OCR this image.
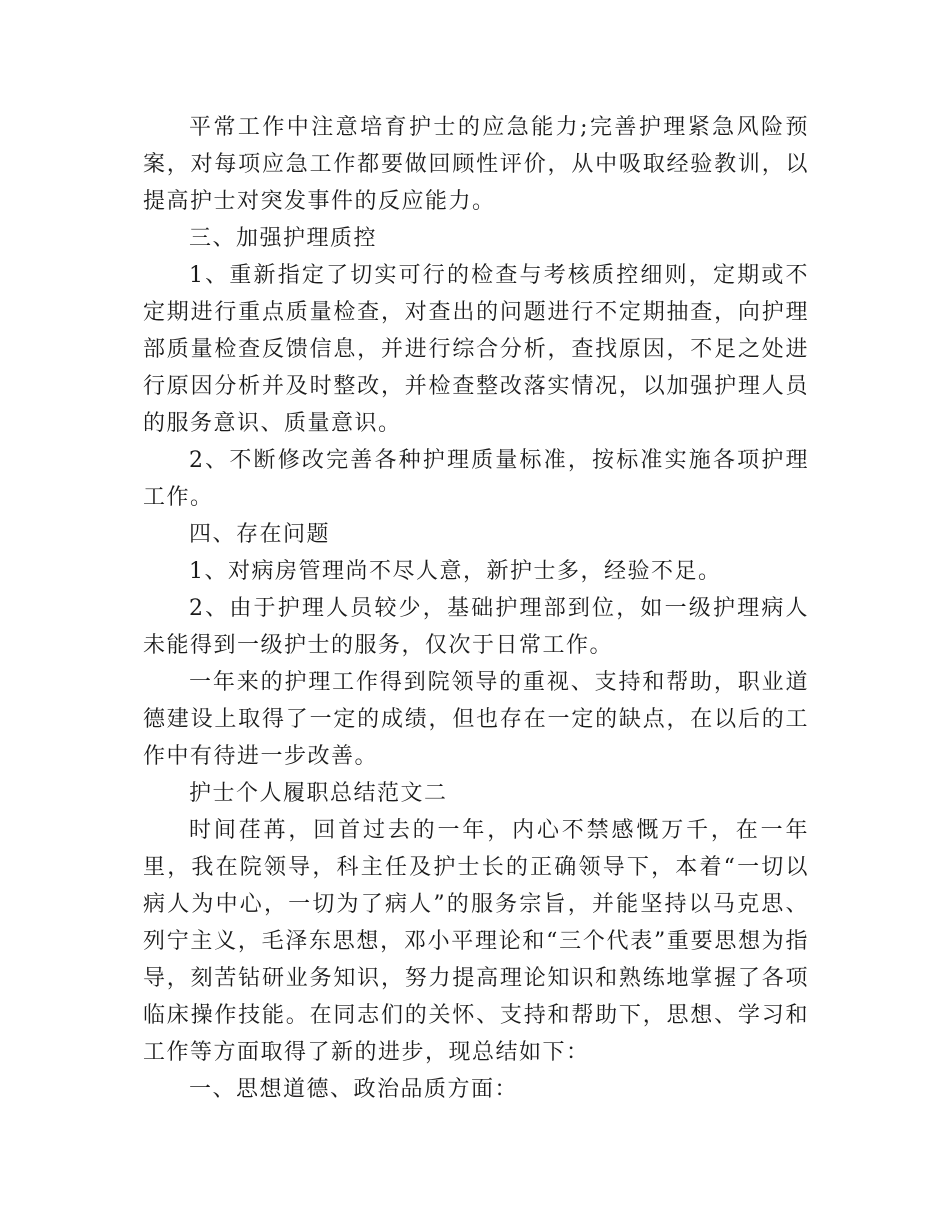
平常工作中注意培育护士的应急能力;完善护理紧急风险预案，对每项应急工作都要做回顾性评价，从中吸取经验教训，以提高护士对突发事件的反应能力。

三、加强护理质控

1、重新指定了切实可行的检查与考核质控细则，定期或不定期进行重点质量检查，对查出的问题进行不定期抽查，向护理部质量检查反馈信息，并进行综合分析，查找原因，不足之处进行原因分析并及时整改，并检查整改落实情况，以加强护理人员的服务意识、质量意识。

2、不断修改完善各种护理质量标准，按标准实施各项护理工作。

四、存在问题

1、对病房管理尚不尽人意，新护士多，经验不足。

2、由于护理人员较少，基础护理部到位，如一级护理病人未能得到一级护士的服务，仅次于日常工作。

一年来的护理工作得到院领导的重视、支持和帮助，职业道德建设上取得了一定的成绩，但也存在一定的缺点，在以后的工作中有待进一步改善。

护士个人履职总结范文二

时间荏苒，回首过去的一年，内心不禁感慨万千，在一年里，我在院领导，科主任及护士长的正确领导下，本着“一切以病人为中心，一切为了病人”的服务宗旨，并能坚持以马克思、列宁主义，毛泽东思想，邓小平理论和“三个代表”重要思想为指导，刻苦钻研业务知识，努力提高理论知识和熟练地掌握了各项临床操作技能。在同志们的关怀、支持和帮助下，思想、学习和工作等方面取得了新的进步，现总结如下：

一、思想道德、政治品质方面：
